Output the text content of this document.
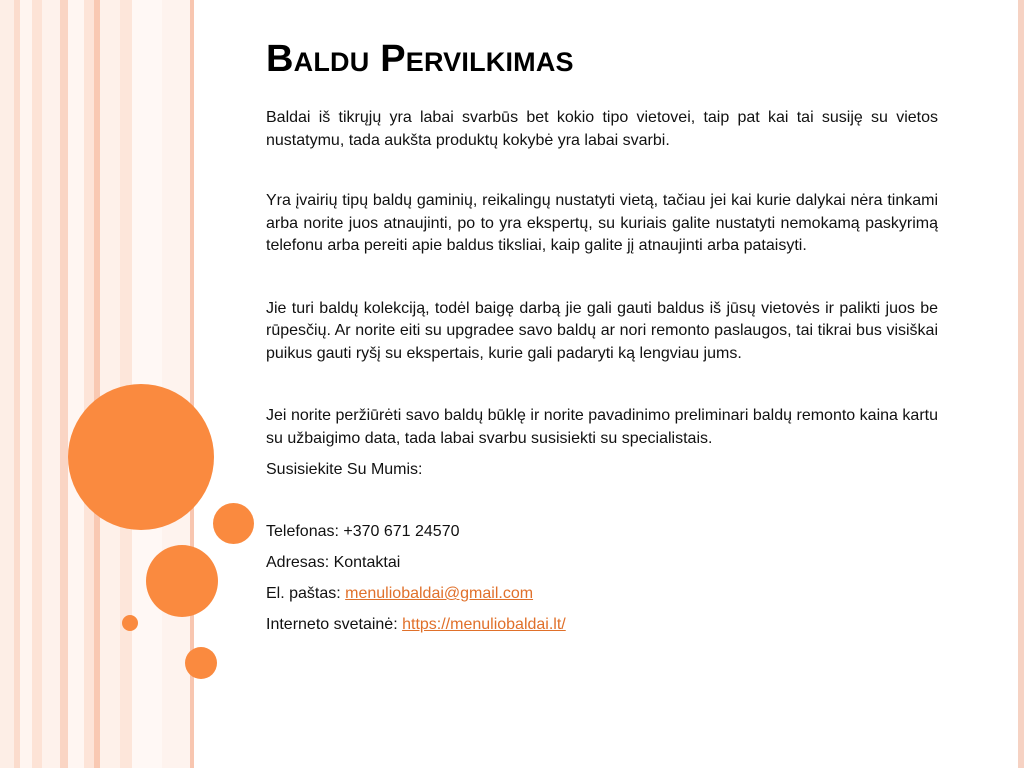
Baldu Pervilkimas

Baldai iš tikrųjų yra labai svarbūs bet kokio tipo vietovei, taip pat kai tai susiję su vietos nustatymu, tada aukšta produktų kokybė yra labai svarbi.

Yra įvairių tipų baldų gaminių, reikalingų nustatyti vietą, tačiau jei kai kurie dalykai nėra tinkami arba norite juos atnaujinti, po to yra ekspertų, su kuriais galite nustatyti nemokamą paskyrimą telefonu arba pereiti apie baldus tiksliai, kaip galite jį atnaujinti arba pataisyti.

Jie turi baldų kolekciją, todėl baigę darbą jie gali gauti baldus iš jūsų vietovės ir palikti juos be rūpesčių. Ar norite eiti su upgradee savo baldų ar nori remonto paslaugos, tai tikrai bus visiškai puikus gauti ryšį su ekspertais, kurie gali padaryti ką lengviau jums.

Jei norite peržiūrėti savo baldų būklę ir norite pavadinimo preliminari baldų remonto kaina kartu su užbaigimo data, tada labai svarbu susisiekti su specialistais.

Susisiekite Su Mumis:

Telefonas: +370 671 24570

Adresas: Kontaktai

El. paštas: menuliobaldai@gmail.com

Interneto svetainė: https://menuliobaldai.lt/
